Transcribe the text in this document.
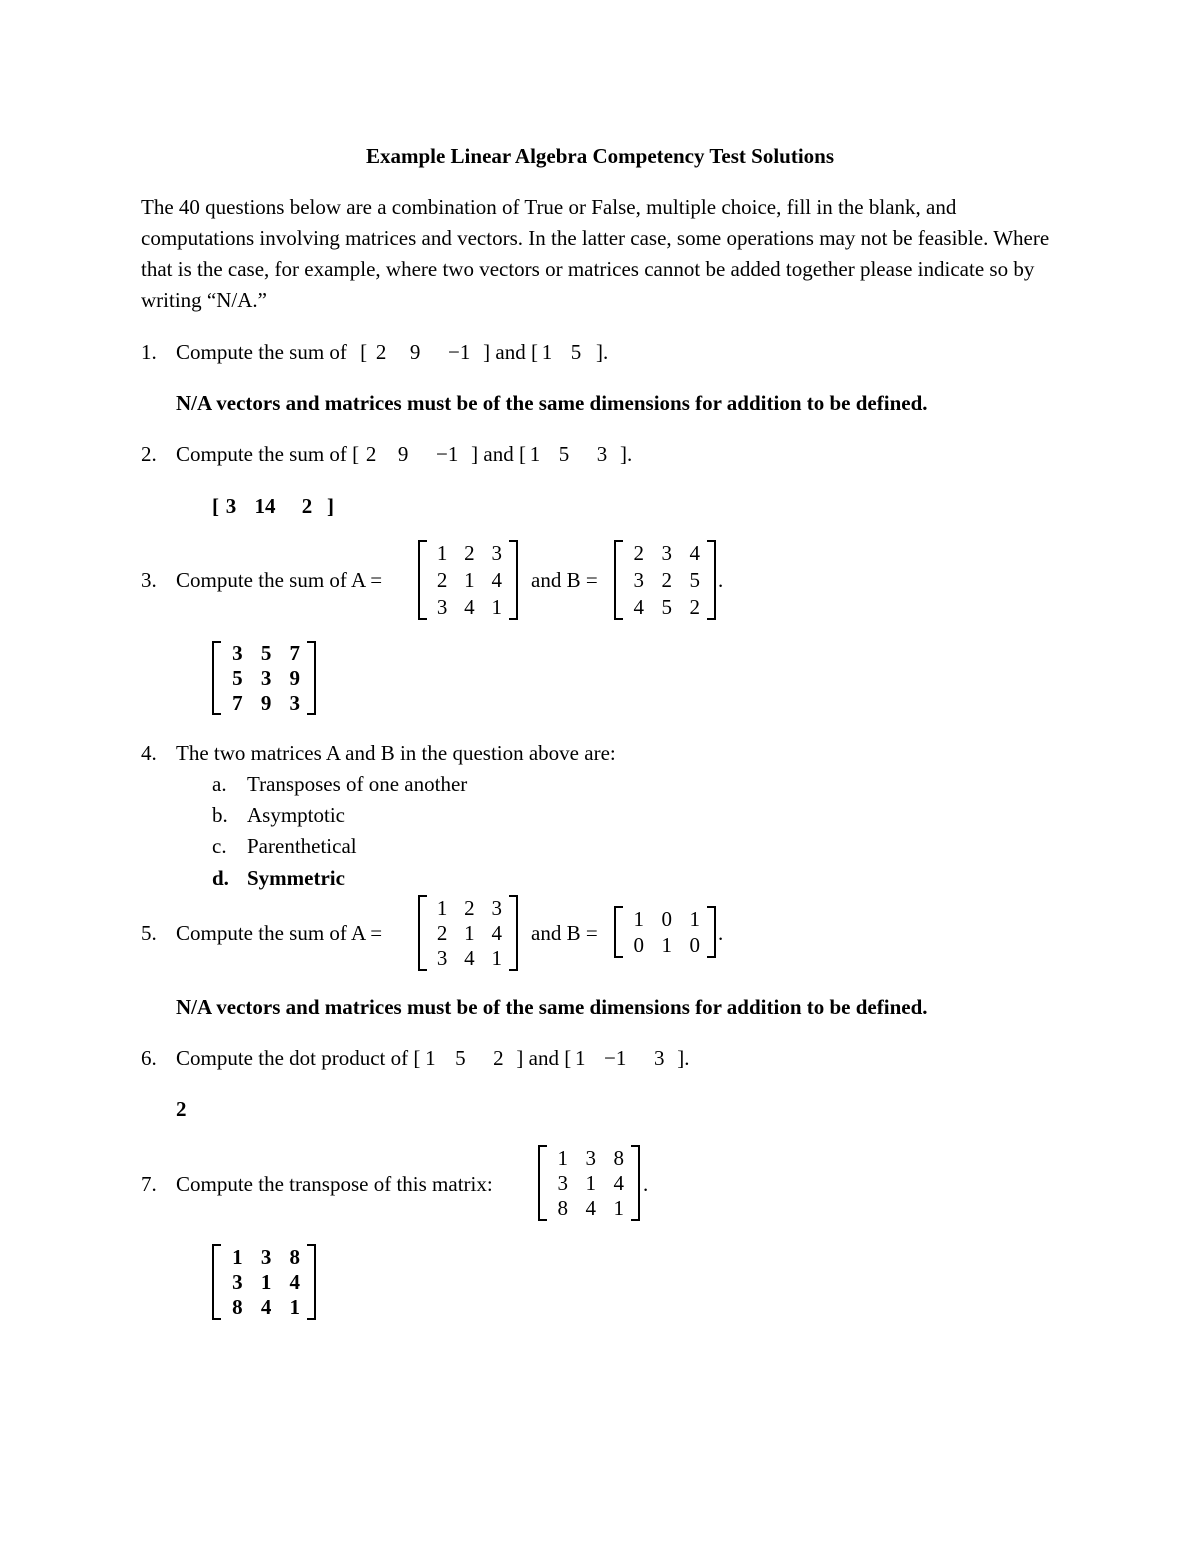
Example Linear Algebra Competency Test Solutions
The 40 questions below are a combination of True or False, multiple choice, fill in the blank, and computations involving matrices and vectors. In the latter case, some operations may not be feasible. Where that is the case, for example, where two vectors or matrices cannot be added together please indicate so by writing “N/A.”
1. Compute the sum of [ 2 9 −1 ] and [ 1 5 ].
N/A vectors and matrices must be of the same dimensions for addition to be defined.
2. Compute the sum of [ 2 9 −1 ] and [ 1 5 3 ].
[ 3 14 2 ]
3. Compute the sum of A =
1 2 3
2 1 4
3 4 1
and B =
2 3 4
3 2 5
4 5 2
.
3 5 7
5 3 9
7 9 3
4. The two matrices A and B in the question above are:
a. Transposes of one another
b. Asymptotic
c. Parenthetical
d. Symmetric
5. Compute the sum of A =
1 2 3
2 1 4
3 4 1
and B =
1 0 1
0 1 0 .
N/A vectors and matrices must be of the same dimensions for addition to be defined.
6. Compute the dot product of [ 1 5 2 ] and [ 1 −1 3 ].
2
7. Compute the transpose of this matrix:
1 3 8
3 1 4
8 4 1
.
1 3 8
3 1 4
8 4 1
